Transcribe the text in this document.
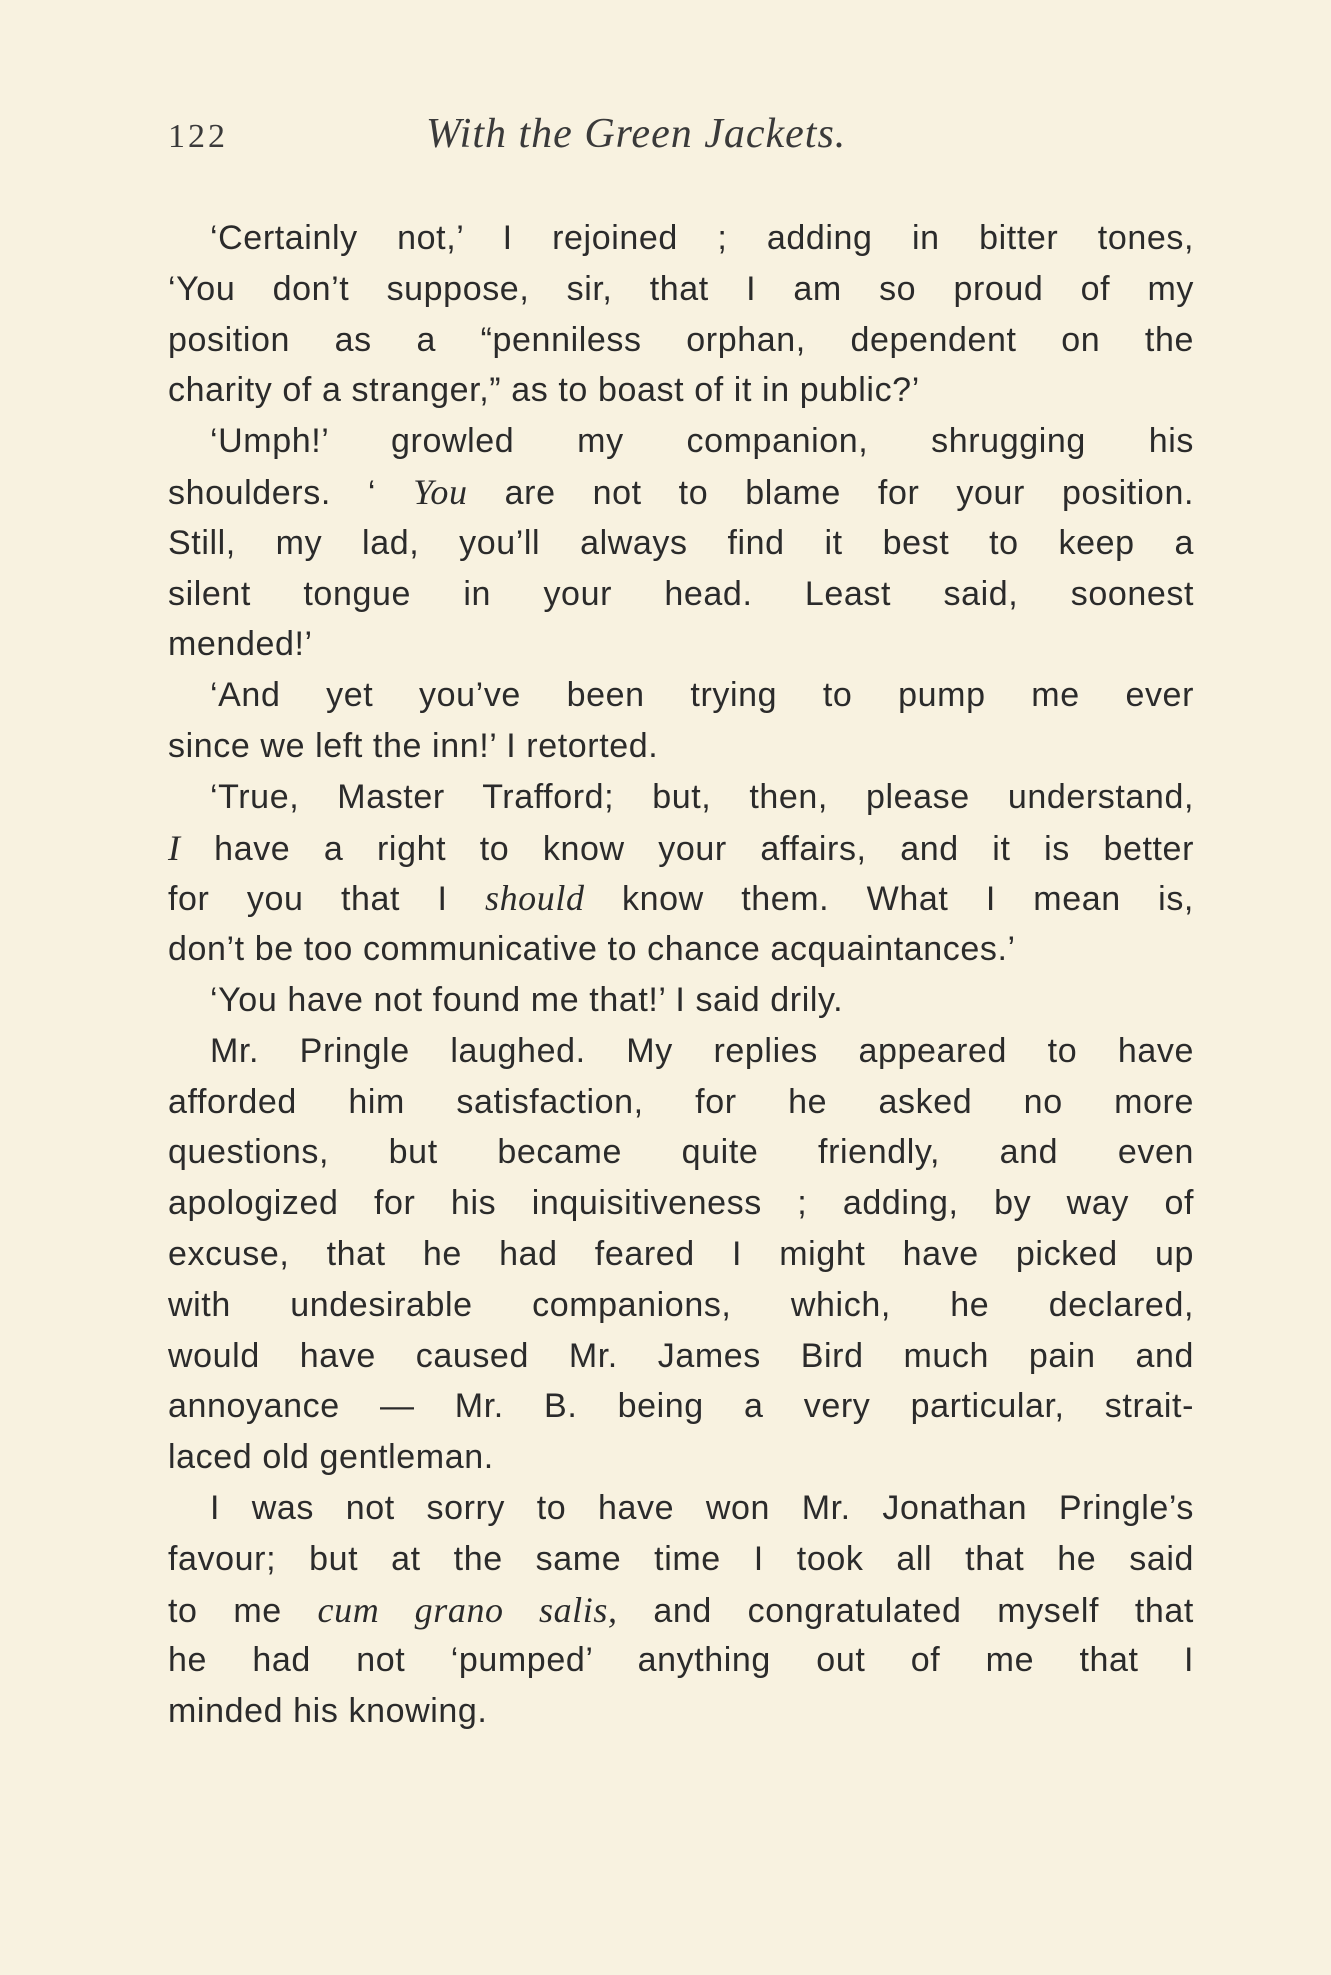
122	With the Green Jackets.
‘Certainly not,’ I rejoined ; adding in bitter tones,
‘You don’t suppose, sir, that I am so proud of my
position as a “penniless orphan, dependent on the
charity of a stranger,” as to boast of it in public?’
‘Umph!’ growled my companion, shrugging his
shoulders. ‘ You are not to blame for your position.
Still, my lad, you’ll always find it best to keep a
silent tongue in your head. Least said, soonest
mended!’
‘And yet you’ve been trying to pump me ever
since we left the inn!’ I retorted.
‘True, Master Trafford; but, then, please understand,
I have a right to know your affairs, and it is better
for you that I should know them. What I mean is,
don’t be too communicative to chance acquaintances.’
‘You have not found me that!’ I said drily.
Mr. Pringle laughed. My replies appeared to have
afforded him satisfaction, for he asked no more
questions, but became quite friendly, and even
apologized for his inquisitiveness ; adding, by way of
excuse, that he had feared I might have picked up
with undesirable companions, which, he declared,
would have caused Mr. James Bird much pain and
annoyance — Mr. B. being a very particular, strait-
laced old gentleman.
I was not sorry to have won Mr. Jonathan Pringle’s
favour; but at the same time I took all that he said
to me cum grano salis, and congratulated myself that
he had not ‘pumped’ anything out of me that I
minded his knowing.
